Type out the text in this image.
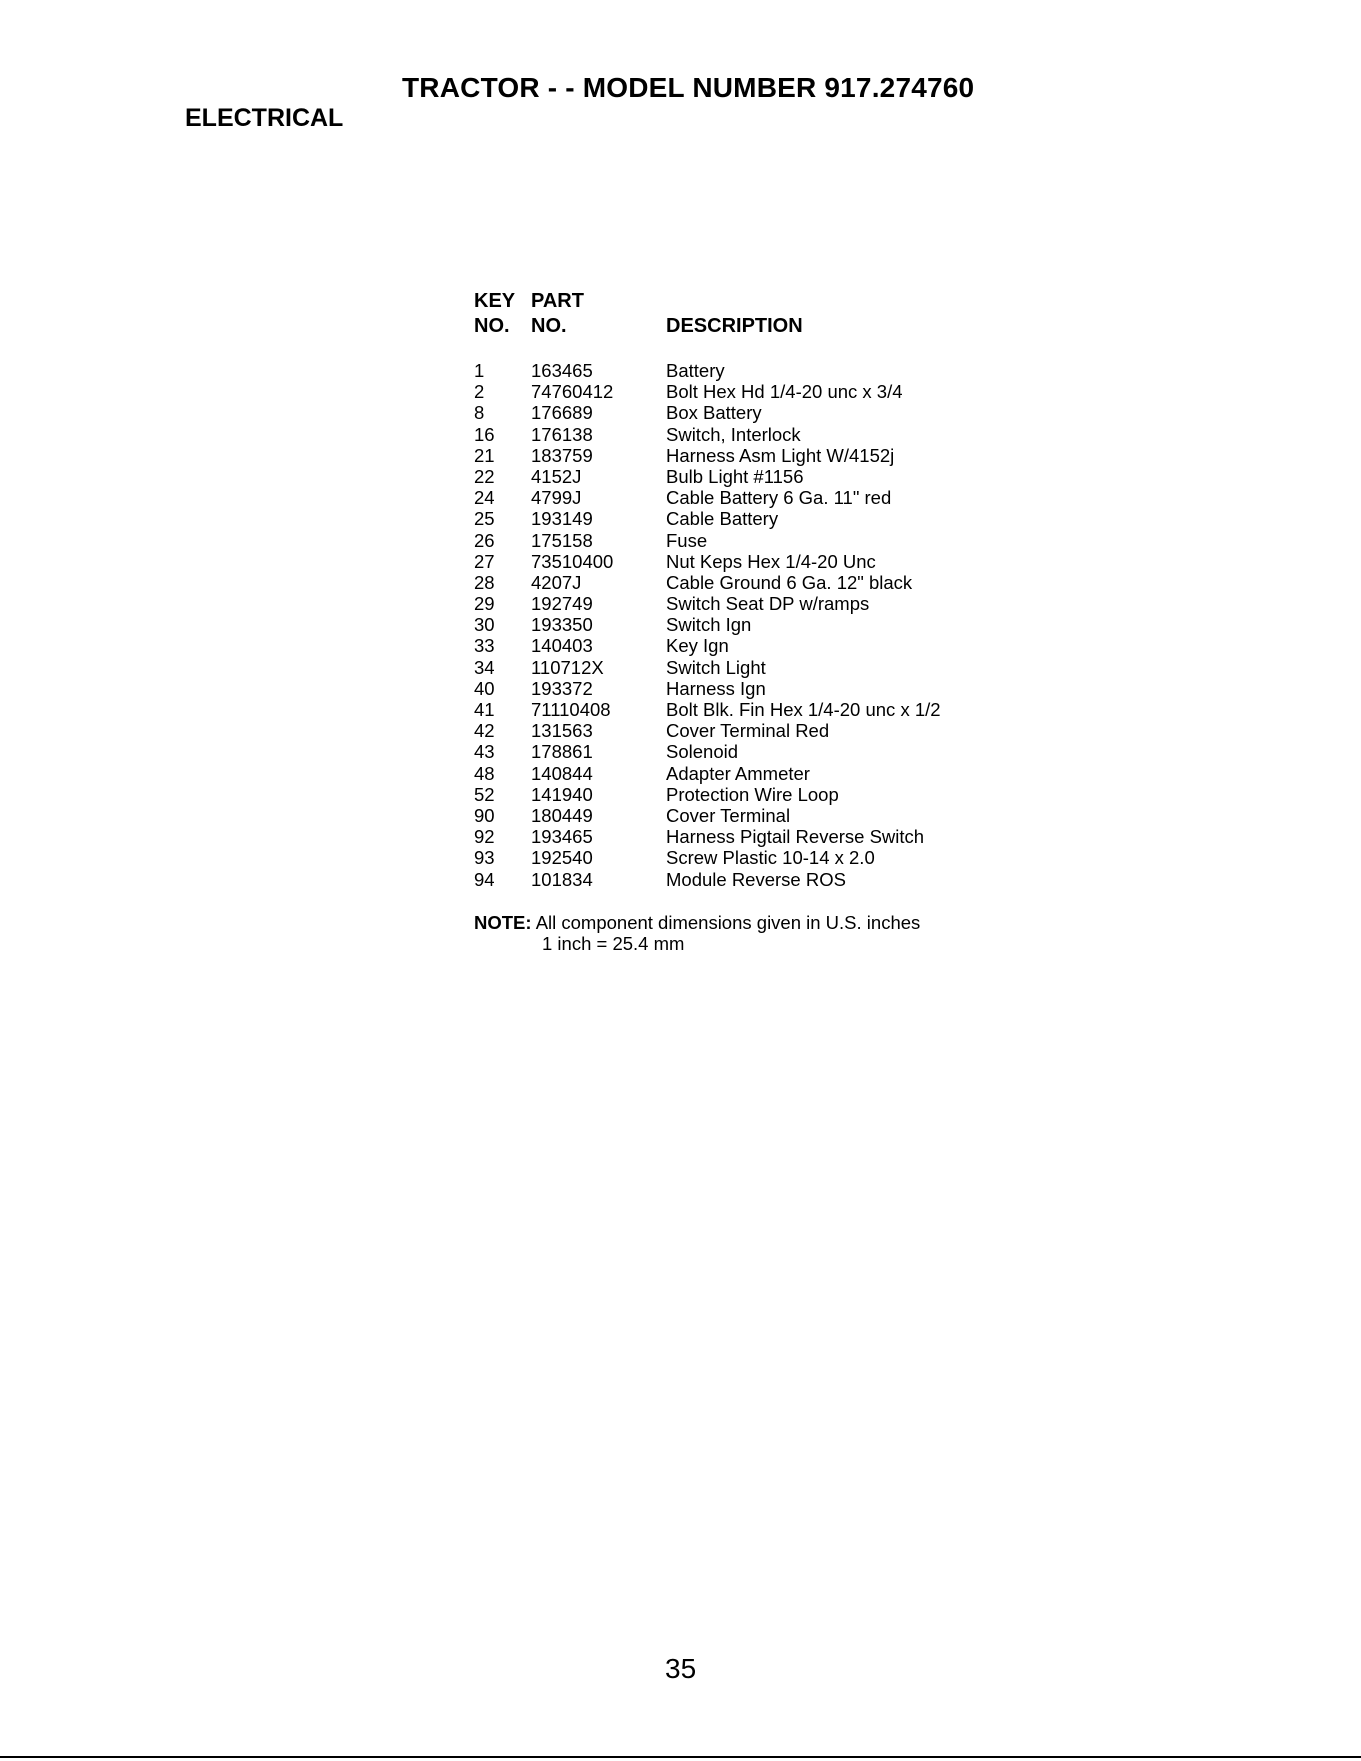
TRACTOR - - MODEL NUMBER 917.274760
ELECTRICAL
KEY
NO.
PART
NO.	DESCRIPTION
1	163465	Battery
2	74760412	Bolt Hex Hd 1/4-20 unc x 3/4
8	176689	Box Battery
16 176138	Switch, Interlock
21 183759	Harness Asm Light W/4152j
22 4152J	Bulb Light #1156
24 4799J	Cable Battery 6 Ga. 11" red
25 193149	Cable Battery
26 175158	Fuse
27 73510400	Nut Keps Hex 1/4-20 Unc
28 4207J	Cable Ground 6 Ga. 12" black
29 192749	Switch Seat DP w/ramps
30 193350	Switch Ign
33 140403	Key Ign
34 110712X	Switch Light
40 193372	Harness Ign
41 71110408	Bolt Blk. Fin Hex 1/4-20 unc x 1/2
42 131563	Cover Terminal Red
43 178861	Solenoid
48 140844	Adapter Ammeter
52 141940	Protection Wire Loop
90 180449	Cover Terminal
92 193465	Harness Pigtail Reverse Switch
93 192540	Screw Plastic 10-14 x 2.0
94 101834	Module Reverse ROS
NOTE: All component dimensions given in U.S. inches
1 inch = 25.4 mm
35
